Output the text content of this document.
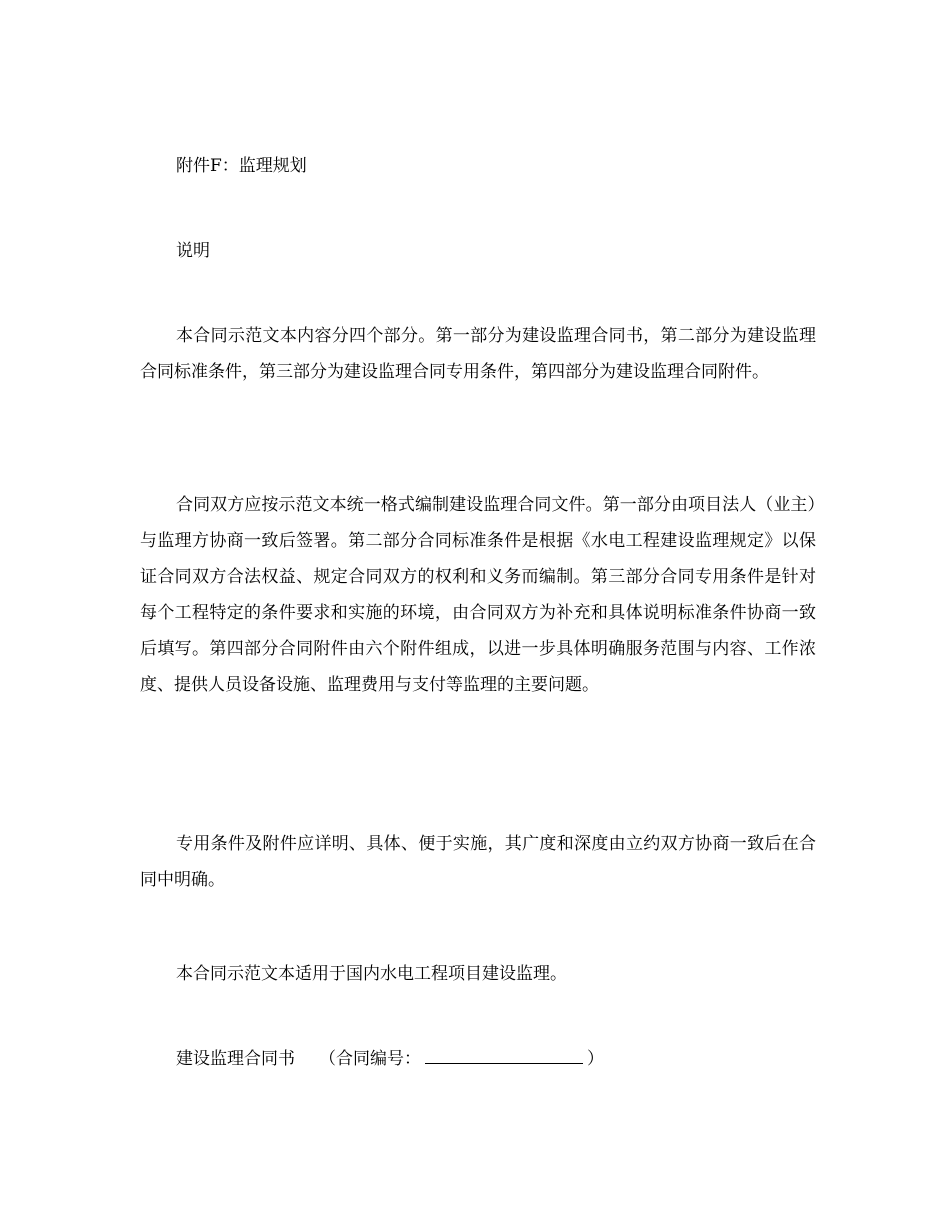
附件F：监理规划
说明
本合同示范文本内容分四个部分。第一部分为建设监理合同书，第二部分为建设监理合同标准条件，第三部分为建设监理合同专用条件，第四部分为建设监理合同附件。
合同双方应按示范文本统一格式编制建设监理合同文件。第一部分由项目法人（业主）与监理方协商一致后签署。第二部分合同标准条件是根据《水电工程建设监理规定》以保证合同双方合法权益、规定合同双方的权利和义务而编制。第三部分合同专用条件是针对每个工程特定的条件要求和实施的环境，由合同双方为补充和具体说明标准条件协商一致后填写。第四部分合同附件由六个附件组成，以进一步具体明确服务范围与内容、工作浓度、提供人员设备设施、监理费用与支付等监理的主要问题。
专用条件及附件应详明、具体、便于实施，其广度和深度由立约双方协商一致后在合同中明确。
本合同示范文本适用于国内水电工程项目建设监理。
建设监理合同书 （合同编号：	）
